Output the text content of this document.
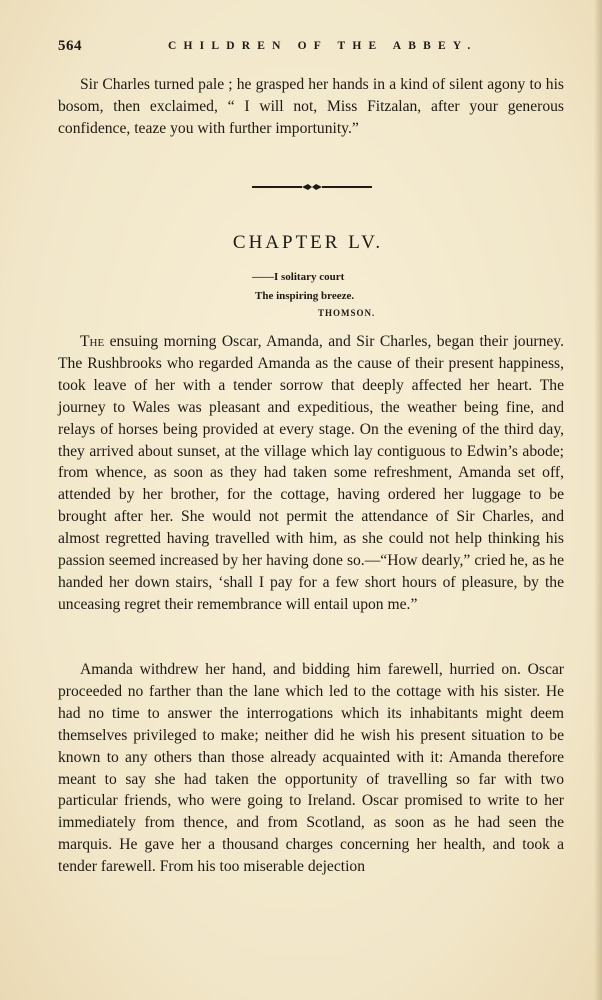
564	CHILDREN OF THE ABBEY.

Sir Charles turned pale ; he grasped her hands in a kind of silent agony to his bosom, then exclaimed, “ I will not, Miss Fitzalan, after your generous confidence, teaze you with further importunity.”

CHAPTER LV.
——I solitary court
The inspiring breeze.
THOMSON.

The ensuing morning Oscar, Amanda, and Sir Charles, began their journey. The Rushbrooks who regarded Amanda as the cause of their present happiness, took leave of her with a tender sorrow that deeply affected her heart. The journey to Wales was pleasant and expeditious, the weather being fine, and relays of horses being provided at every stage. On the evening of the third day, they arrived about sunset, at the village which lay contiguous to Edwin’s abode; from whence, as soon as they had taken some refreshment, Amanda set off, attended by her brother, for the cottage, having ordered her luggage to be brought after her. She would not permit the attendance of Sir Charles, and almost regretted having travelled with him, as she could not help thinking his passion seemed increased by her having done so.—“How dearly,” cried he, as he handed her down stairs, ‘shall I pay for a few short hours of pleasure, by the unceasing regret their remembrance will entail upon me.”

Amanda withdrew her hand, and bidding him farewell, hurried on. Oscar proceeded no farther than the lane which led to the cottage with his sister. He had no time to answer the interrogations which its inhabitants might deem themselves privileged to make; neither did he wish his present situation to be known to any others than those already acquainted with it: Amanda therefore meant to say she had taken the opportunity of travelling so far with two particular friends, who were going to Ireland. Oscar promised to write to her immediately from thence, and from Scotland, as soon as he had seen the marquis. He gave her a thousand charges concerning her health, and took a tender farewell. From his too miserable dejection
